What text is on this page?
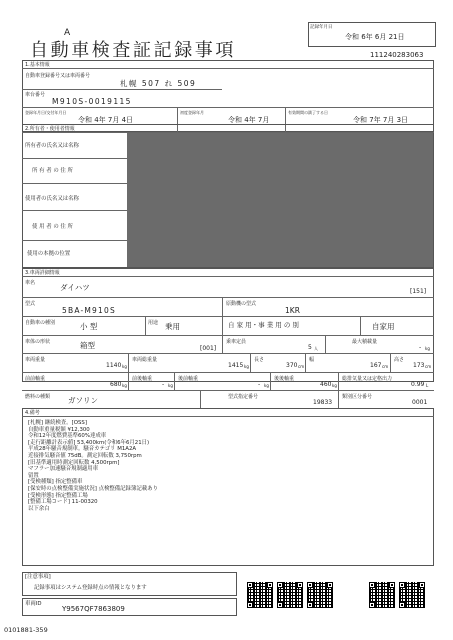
A
自動車検査証記録事項
記録年月日
令和 6年 6月 21日
111240283063
1.基本情報
自動車登録番号又は車両番号
札幌 507 れ 509
車台番号
M910S-0019115
登録年月日/交付年月日
令和 4年 7月 4日
初度登録年月
令和 4年 7月
有効期間の満了する日
令和 7年 7月 3日
2.所有者・使用者情報
所有者の氏名又は名称
所 有 者 の 住 所
使用者の氏名又は名称
使 用 者 の 住 所
使用の本拠の位置
3.車両詳細情報
車名	ダイハツ	[151]
型式
5BA-M910S
原動機の型式
1KR
自動車の種別	小 型	用途 乗用	自 家 用・事 業 用 の 別	自家用
車体の形状	箱型	[001]
乗車定員
5 人
最大積載量
- kg
車両重量
1140 kg
車両総重量
1415 kg
長さ
370 cm
幅
167 cm
高さ
173 cm
前前軸重
680 kg
前後軸重
- kg
後前軸重
- kg
後後軸重
460 kg
総排気量又は定格出力
0.99 L
燃料の種類 ガソリン	型式指定番号
19833
類別区分番号
0001
4.備考
[札幌] 継続検査。[OSS]
自動車重量税額 ¥12,300
令和12年度燃費基準60%達成車
[走行距離計表示値] 53,400km(令和6年6月21日)
平成28年騒音規制車。騒音カテゴリ M1A2A
近接排気騒音値 75dB。測定回転数 3,750rpm
[旧基準適用時測定回転数 4,500rpm]
マフラー加速騒音規制適用車
留置
[受検種類] 指定整備車
[保安時の点検整備実施状況] 点検整備記録簿記載あり
[受検形態] 指定整備工場
[整備工場コード] 11-00320
以下余白
[注意事項]
記録事項はシステム登録時点の情報となります
車両ID
Y9567QF7863809
0101881-359
